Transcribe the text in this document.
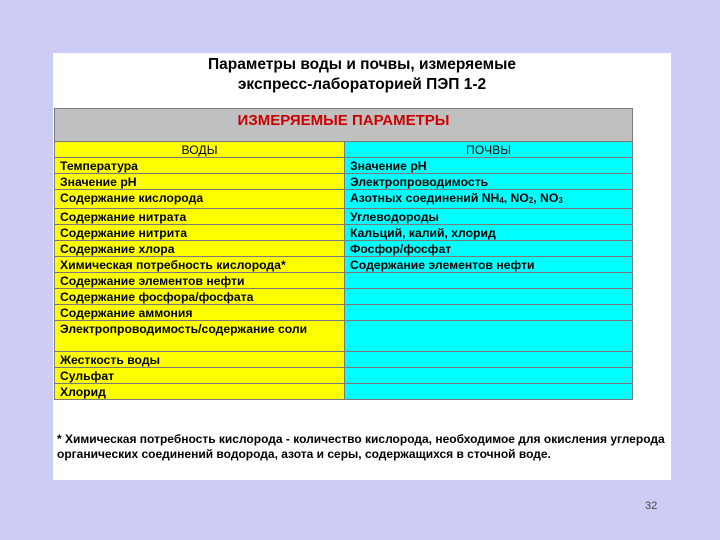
Параметры воды и почвы, измеряемые
экспресс-лабораторией ПЭП 1-2
ИЗМЕРЯЕМЫЕ ПАРАМЕТРЫ	
ВОДЫ	ПОЧВЫ
Температура	Значение pH
Значение pH	Электропроводимость
Содержание кислорода	Азотных соединений $NH_4$, $NO_2$, $NO_3$
Содержание нитрата	Углеводороды
Содержание нитрита	Кальций, калий, хлорид
Содержание хлора	Фосфор/фосфат
Химическая потребность кислорода*	Содержание элементов нефти
Содержание элементов нефти	
Содержание фосфора/фосфата	
Содержание аммония	
Электропроводимость/содержание соли	
Жесткость воды	
Сульфат	
Хлорид	
* Химическая потребность кислорода - количество кислорода, необходимое для окисления углерода органических соединений водорода, азота и серы, содержащихся в сточной воде.
32
